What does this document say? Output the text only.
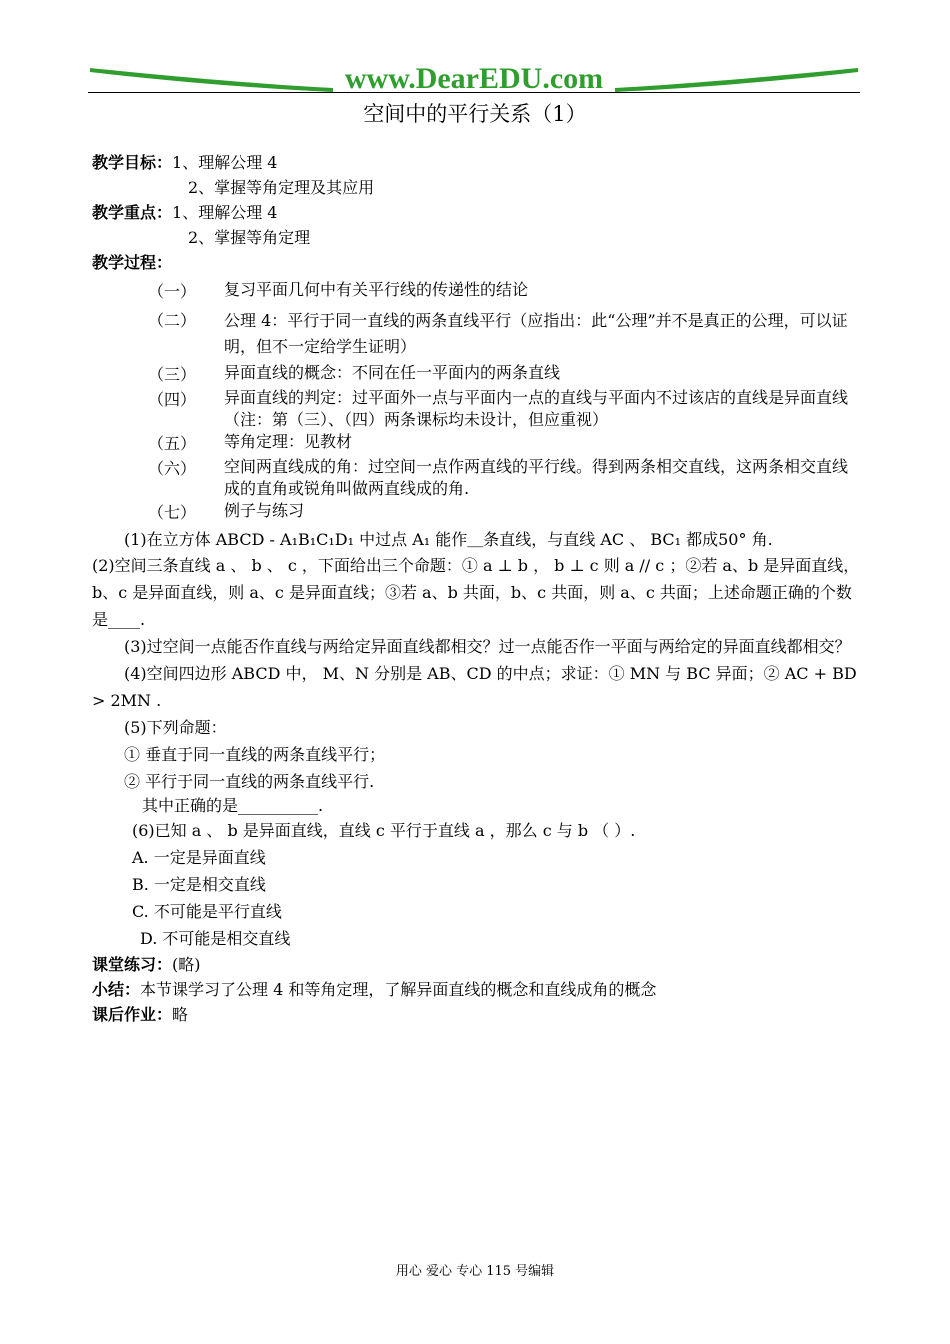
www.DearEDU.com
空间中的平行关系（1）
教学目标：1、理解公理 4
2、掌握等角定理及其应用
教学重点：1、理解公理 4
2、掌握等角定理
教学过程：
（一）	复习平面几何中有关平行线的传递性的结论
（二）	公理 4：平行于同一直线的两条直线平行（应指出：此“公理”并不是真正的公理，可以证明，但不一定给学生证明）
（三）	异面直线的概念：不同在任一平面内的两条直线
（四）	异面直线的判定：过平面外一点与平面内一点的直线与平面内不过该店的直线是异面直线（注：第（三）、（四）两条课标均未设计，但应重视）
（五）	等角定理：见教材
（六）	空间两直线成的角：过空间一点作两直线的平行线。得到两条相交直线，这两条相交直线成的直角或锐角叫做两直线成的角.
（七）	例子与练习
(1)在立方体 ABCD - A₁B₁C₁D₁ 中过点 A₁ 能作＿条直线，与直线 AC 、 BC₁ 都成50° 角.
(2)空间三条直线 a 、 b 、 c ，下面给出三个命题：① a ⊥ b ， b ⊥ c 则 a // c ；②若 a、b 是异面直线，b、c 是异面直线，则 a、c 是异面直线；③若 a、b 共面，b、c 共面，则 a、c 共面；上述命题正确的个数是____.
(3)过空间一点能否作直线与两给定异面直线都相交？过一点能否作一平面与两给定的异面直线都相交？
(4)空间四边形 ABCD 中， M、N 分别是 AB、CD 的中点；求证：① MN 与 BC 异面；② AC + BD > 2MN .
(5)下列命题：
① 垂直于同一直线的两条直线平行；
② 平行于同一直线的两条直线平行.
其中正确的是__________.
(6)已知 a 、 b 是异面直线，直线 c 平行于直线 a ，那么 c 与 b （ ）.
A. 一定是异面直线
B. 一定是相交直线
C. 不可能是平行直线
D. 不可能是相交直线
课堂练习：(略)
小结：本节课学习了公理 4 和等角定理，了解异面直线的概念和直线成角的概念
课后作业：略
用心 爱心 专心 115 号编辑
